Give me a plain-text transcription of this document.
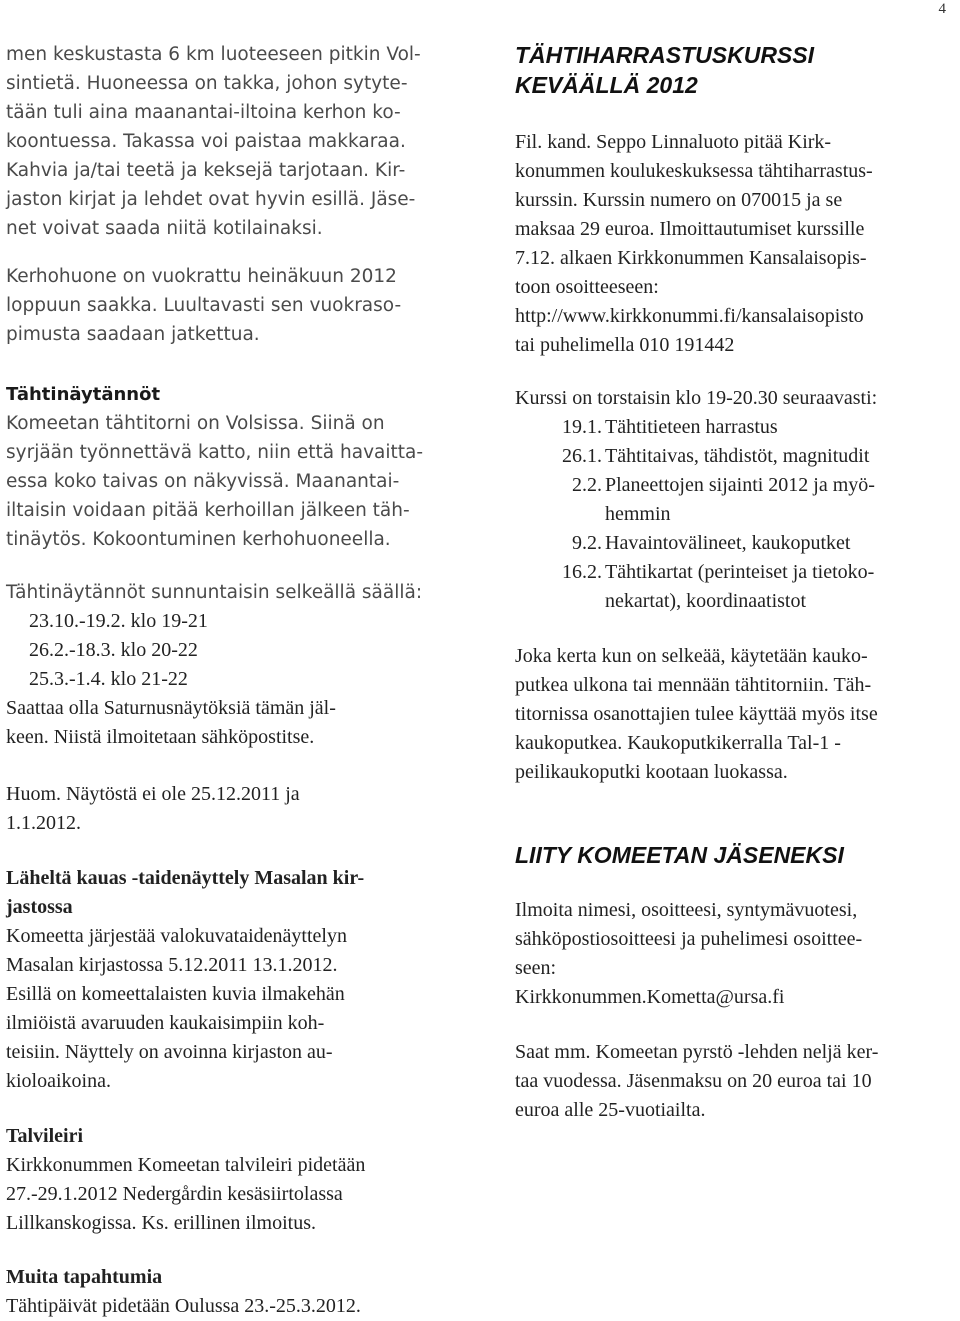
4
men keskustasta 6 km luoteeseen pitkin Vol-
sintietä. Huoneessa on takka, johon sytyte-
tään tuli aina maanantai-iltoina kerhon ko-
koontuessa. Takassa voi paistaa makkaraa.
Kahvia ja/tai teetä ja keksejä tarjotaan. Kir-
jaston kirjat ja lehdet ovat hyvin esillä. Jäse-
net voivat saada niitä kotilainaksi.
Kerhohuone on vuokrattu heinäkuun 2012
loppuun saakka. Luultavasti sen vuokraso-
pimusta saadaan jatkettua.
Tähtinäytännöt
Komeetan tähtitorni on Volsissa. Siinä on
syrjään työnnettävä katto, niin että havaitta-
essa koko taivas on näkyvissä. Maanantai-
iltaisin voidaan pitää kerhoillan jälkeen täh-
tinäytös. Kokoontuminen kerhohuoneella.
Tähtinäytännöt sunnuntaisin selkeällä säällä:
23.10.-19.2. klo 19-21
26.2.-18.3. klo 20-22
25.3.-1.4. klo 21-22
Saattaa olla Saturnusnäytöksiä tämän jäl-
keen. Niistä ilmoitetaan sähköpostitse.
Huom. Näytöstä ei ole 25.12.2011 ja
1.1.2012.
Läheltä kauas -taidenäyttely Masalan kir-
jastossa
Komeetta järjestää valokuvataidenäyttelyn
Masalan kirjastossa 5.12.2011 13.1.2012.
Esillä on komeettalaisten kuvia ilmakehän
ilmiöistä avaruuden kaukaisimpiin koh-
teisiin. Näyttely on avoinna kirjaston au-
kioloaikoina.
Talvileiri
Kirkkonummen Komeetan talvileiri pidetään
27.-29.1.2012 Nedergårdin kesäsiirtolassa
Lillkanskogissa. Ks. erillinen ilmoitus.
Muita tapahtumia
Tähtipäivät pidetään Oulussa 23.-25.3.2012.
TÄHTIHARRASTUSKURSSI
KEVÄÄLLÄ 2012
Fil. kand. Seppo Linnaluoto pitää Kirk-
konummen koulukeskuksessa tähtiharrastus-
kurssin. Kurssin numero on 070015 ja se
maksaa 29 euroa. Ilmoittautumiset kurssille
7.12. alkaen Kirkkonummen Kansalaisopis-
toon osoitteeseen:
http://www.kirkkonummi.fi/kansalaisopisto
tai puhelimella 010 191442
Kurssi on torstaisin klo 19-20.30 seuraavasti:
19.1. Tähtitieteen harrastus
26.1. Tähtitaivas, tähdistöt, magnitudit
2.2. Planeettojen sijainti 2012 ja myö-
hemmin
9.2. Havaintovälineet, kaukoputket
16.2. Tähtikartat (perinteiset ja tietoko-
nekartat), koordinaatistot
Joka kerta kun on selkeää, käytetään kauko-
putkea ulkona tai mennään tähtitorniin. Täh-
titornissa osanottajien tulee käyttää myös itse
kaukoputkea. Kaukoputkikerralla Tal-1 -
peilikaukoputki kootaan luokassa.
LIITY KOMEETAN JÄSENEKSI
Ilmoita nimesi, osoitteesi, syntymävuotesi,
sähköpostiosoitteesi ja puhelimesi osoittee-
seen:
Kirkkonummen.Kometta@ursa.fi
Saat mm. Komeetan pyrstö -lehden neljä ker-
taa vuodessa. Jäsenmaksu on 20 euroa tai 10
euroa alle 25-vuotiailta.
